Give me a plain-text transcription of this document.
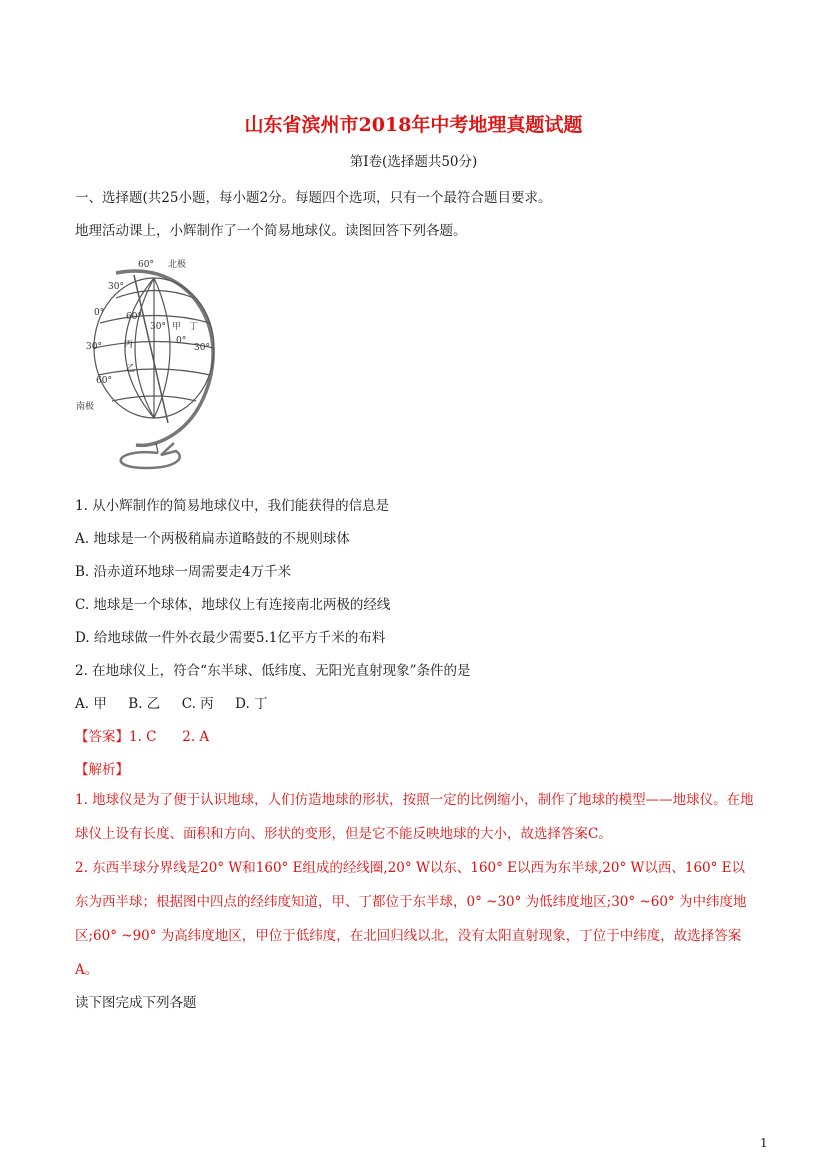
山东省滨州市2018年中考地理真题试题
第Ⅰ卷(选择题共50分)
一、选择题(共25小题，每小题2分。每题四个选项，只有一个最符合题目要求。
地理活动课上，小辉制作了一个简易地球仪。读图回答下列各题。
60° 北极
30°
0°
30°
60°
南极
60°
30° 甲 丁
0°
30°
丙
乙
1. 从小辉制作的简易地球仪中，我们能获得的信息是
A. 地球是一个两极稍扁赤道略鼓的不规则球体
B. 沿赤道环地球一周需要走4万千米
C. 地球是一个球体，地球仪上有连接南北两极的经线
D. 给地球做一件外衣最少需要5.1亿平方千米的布料
2. 在地球仪上，符合“东半球、低纬度、无阳光直射现象”条件的是
A. 甲     B. 乙     C. 丙     D. 丁
【答案】1. C      2. A
【解析】
1. 地球仪是为了便于认识地球，人们仿造地球的形状，按照一定的比例缩小，制作了地球的模型——地球仪。在地球仪上设有长度、面积和方向、形状的变形，但是它不能反映地球的大小，故选择答案C。
2. 东西半球分界线是20° W和160° E组成的经线圈,20° W以东、160° E以西为东半球,20° W以西、160° E以东为西半球；根据图中四点的经纬度知道，甲、丁都位于东半球，0° ~30° 为低纬度地区;30° ~60° 为中纬度地区;60° ~90° 为高纬度地区，甲位于低纬度，在北回归线以北，没有太阳直射现象，丁位于中纬度，故选择答案A。
读下图完成下列各题
1
